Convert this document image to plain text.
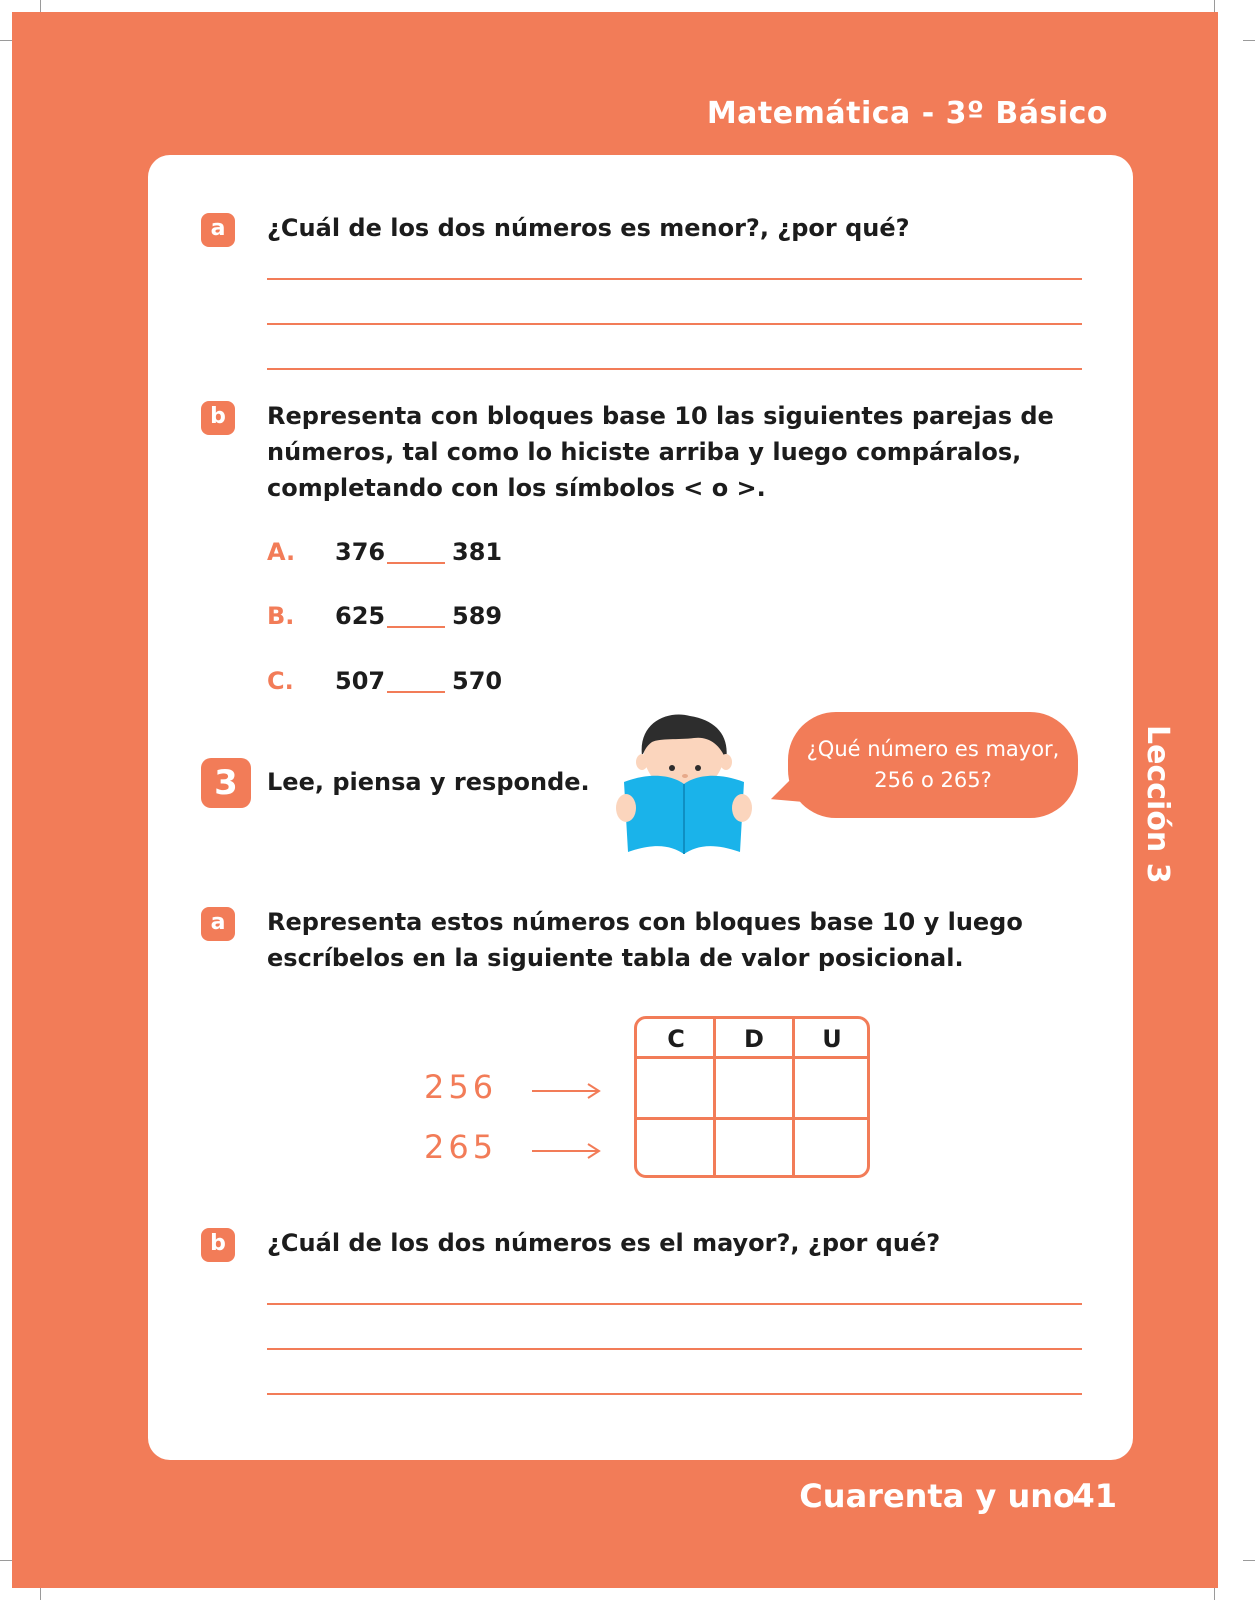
Matemática - 3º Básico
a	¿Cuál de los dos números es menor?, ¿por qué?
b	Representa con bloques base 10 las siguientes parejas de
números, tal como lo hiciste arriba y luego compáralos,
completando con los símbolos < o >.
A. 376	381
B. 625	589
C. 507	570
3	Lee, piensa y responde.
¿Qué número es mayor,
256 o 265?
a	Representa estos números con bloques base 10 y luego
escríbelos en la siguiente tabla de valor posicional.
256
265
C	D	U
b	¿Cuál de los dos números es el mayor?, ¿por qué?
Lección 3
Cuarenta y uno
41
